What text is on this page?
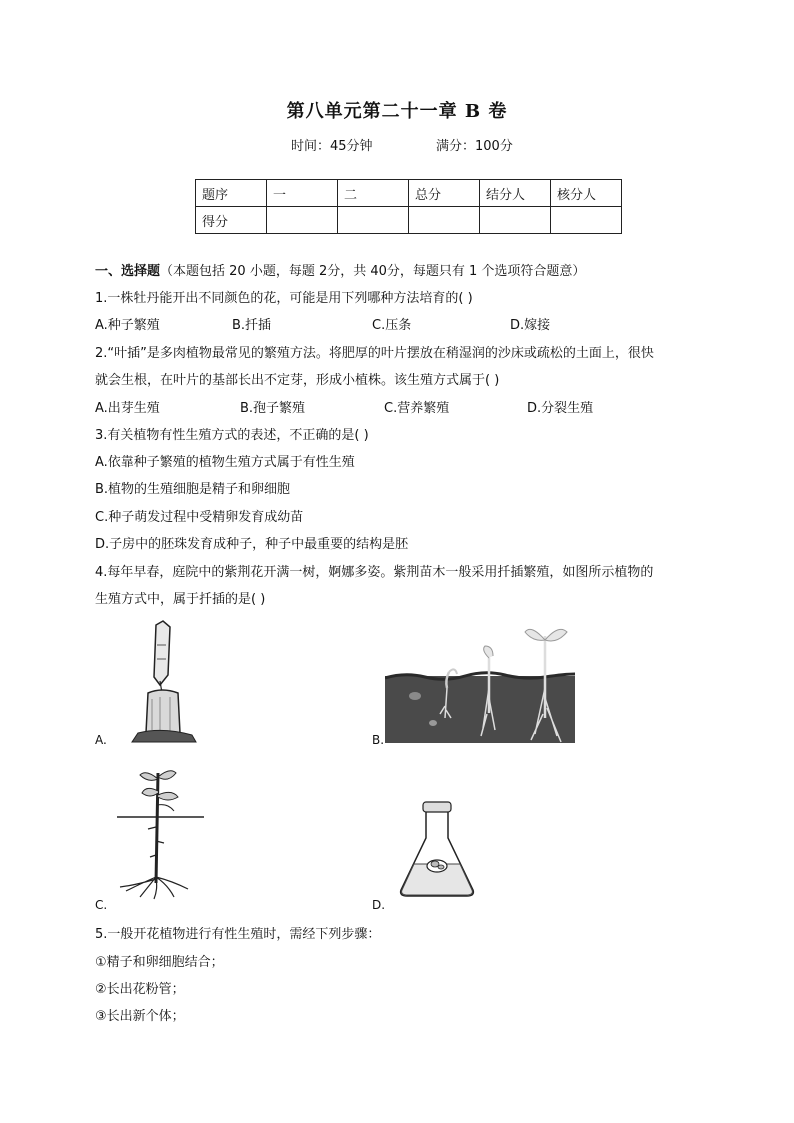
第八单元第二十一章 B 卷
时间：45分钟	满分：100分
题序	一	二	总分	结分人	核分人
得分					
一、选择题（本题包括 20 小题，每题 2分，共 40分，每题只有 1 个选项符合题意）
1.一株牡丹能开出不同颜色的花，可能是用下列哪种方法培育的( )
A.种子繁殖	B.扦插	C.压条	D.嫁接
2.“叶插”是多肉植物最常见的繁殖方法。将肥厚的叶片摆放在稍湿润的沙床或疏松的土面上，很快
就会生根，在叶片的基部长出不定芽，形成小植株。该生殖方式属于( )
A.出芽生殖	B.孢子繁殖	C.营养繁殖	D.分裂生殖
3.有关植物有性生殖方式的表述，不正确的是( )
A.依靠种子繁殖的植物生殖方式属于有性生殖
B.植物的生殖细胞是精子和卵细胞
C.种子萌发过程中受精卵发育成幼苗
D.子房中的胚珠发育成种子，种子中最重要的结构是胚
4.每年早春，庭院中的紫荆花开满一树，婀娜多姿。紫荆苗木一般采用扦插繁殖，如图所示植物的
生殖方式中，属于扦插的是( )
A.	B.
C.	D.
5.一般开花植物进行有性生殖时，需经下列步骤：
①精子和卵细胞结合；
②长出花粉管；
③长出新个体；
